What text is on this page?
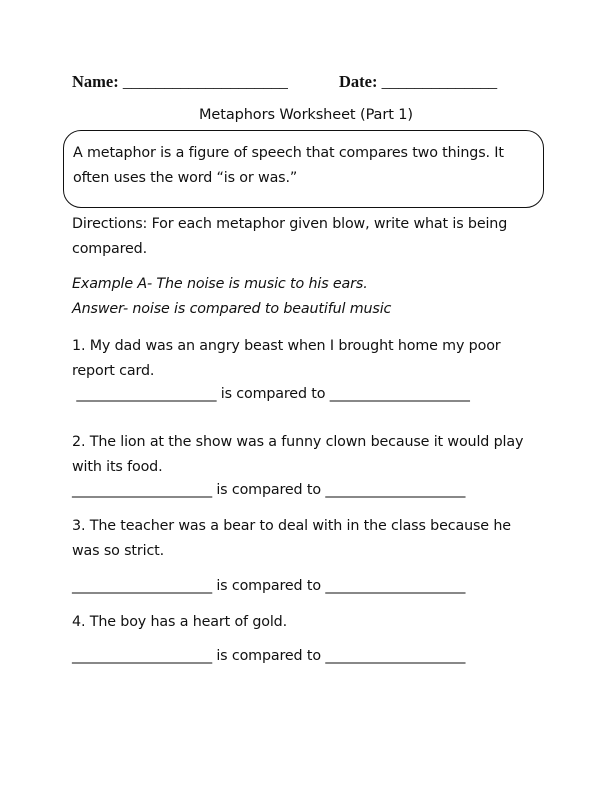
Name: ____________________	Date: ______________
Metaphors Worksheet (Part 1)
A metaphor is a figure of speech that compares two things. It often uses the word “is or was.”
Directions: For each metaphor given blow, write what is being compared.
Example A- The noise is music to his ears.
Answer- noise is compared to beautiful music
1. My dad was an angry beast when I brought home my poor report card.
____________________ is compared to ____________________
2. The lion at the show was a funny clown because it would play with its food.
____________________ is compared to ____________________
3. The teacher was a bear to deal with in the class because he was so strict.
____________________ is compared to ____________________
4. The boy has a heart of gold.
____________________ is compared to ____________________
